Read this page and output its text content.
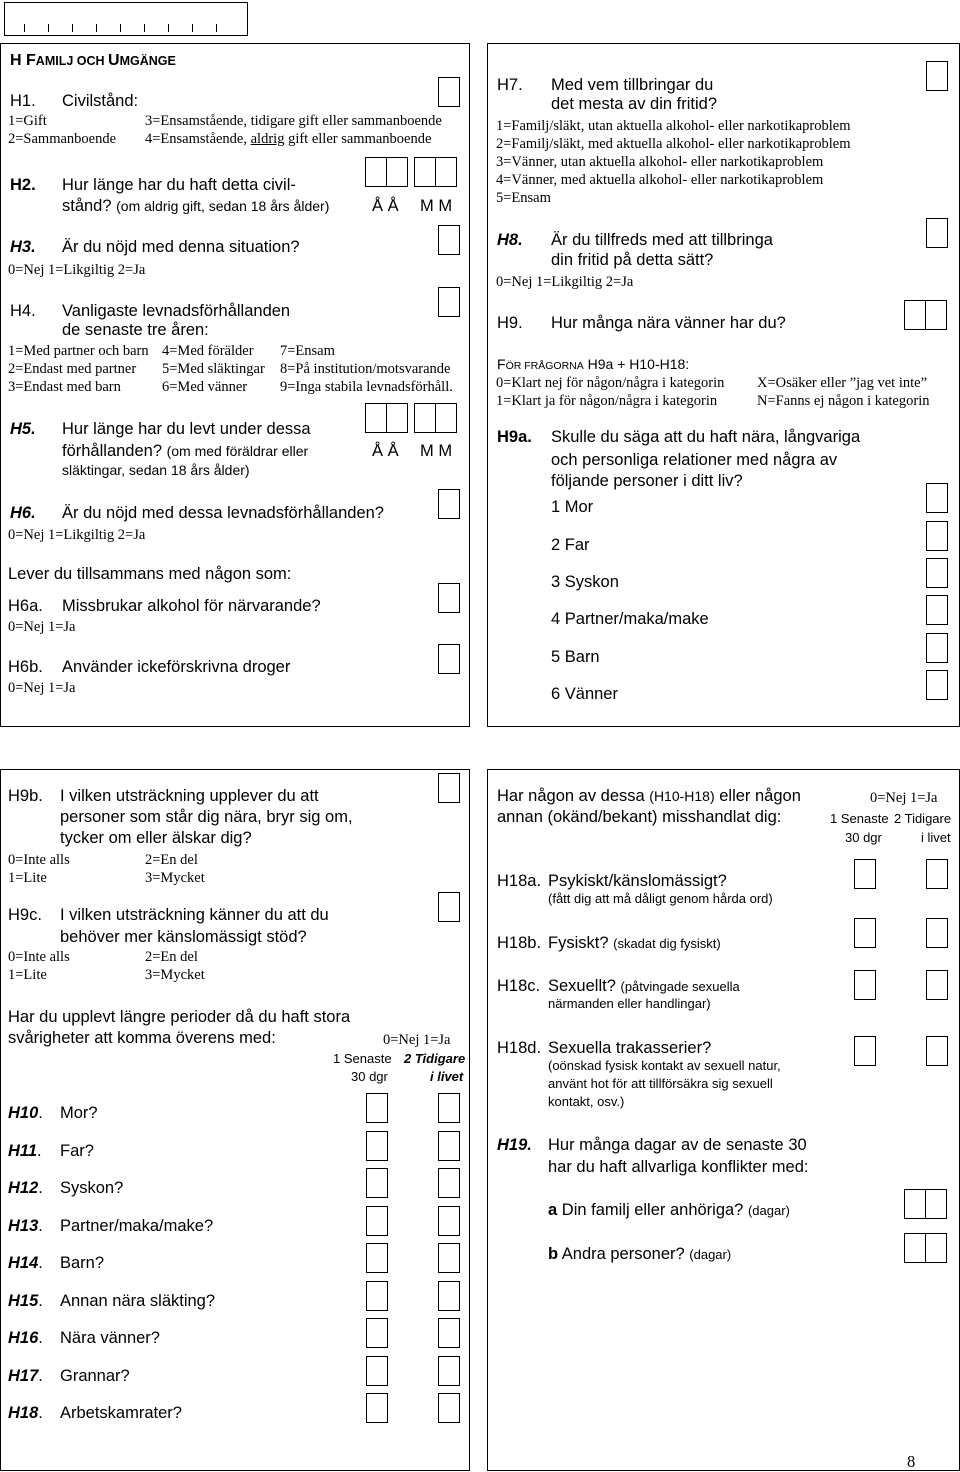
H FAMILJ OCH UMGÄNGE
H1. Civilstånd:
1=Gift	3=Ensamstående, tidigare gift eller sammanboende
2=Sammanboende 4=Ensamstående, aldrig gift eller sammanboende
H2. Hur länge har du haft detta civil-
stånd? (om aldrig gift, sedan 18 års ålder)	Å Å M M
H3. Är du nöjd med denna situation?
0=Nej 1=Likgiltig 2=Ja
H4. Vanligaste levnadsförhållanden
de senaste tre åren:
1=Med partner och barn 4=Med förälder 7=Ensam
2=Endast med partner 5=Med släktingar 8=På institution/motsvarande
3=Endast med barn	6=Med vänner 9=Inga stabila levnadsförhåll.
H5. Hur länge har du levt under dessa
förhållanden? (om med föräldrar eller
släktingar, sedan 18 års ålder)
Å Å M M
H6. Är du nöjd med dessa levnadsförhållanden?
0=Nej 1=Likgiltig 2=Ja
Lever du tillsammans med någon som:
H6a. Missbrukar alkohol för närvarande?
0=Nej 1=Ja
H6b. Använder ickeförskrivna droger
0=Nej 1=Ja
H7. Med vem tillbringar du
det mesta av din fritid?
1=Familj/släkt, utan aktuella alkohol- eller narkotikaproblem
2=Familj/släkt, med aktuella alkohol- eller narkotikaproblem
3=Vänner, utan aktuella alkohol- eller narkotikaproblem
4=Vänner, med aktuella alkohol- eller narkotikaproblem
5=Ensam
H8. Är du tillfreds med att tillbringa
din fritid på detta sätt?
0=Nej 1=Likgiltig 2=Ja
H9. Hur många nära vänner har du?
FÖR FRÅGORNA H9a + H10-H18:
0=Klart nej för någon/några i kategorin X=Osäker eller ”jag vet inte”
1=Klart ja för någon/några i kategorin	N=Fanns ej någon i kategorin
H9a. Skulle du säga att du haft nära, långvariga
och personliga relationer med några av
följande personer i ditt liv?
1 Mor
2 Far
3 Syskon
4 Partner/maka/make
5 Barn
6 Vänner
H9b. I vilken utsträckning upplever du att
personer som står dig nära, bryr sig om,
tycker om eller älskar dig?
0=Inte alls	2=En del
1=Lite	3=Mycket
H9c. I vilken utsträckning känner du att du
behöver mer känslomässigt stöd?
0=Inte alls	2=En del
1=Lite	3=Mycket
Har du upplevt längre perioder då du haft stora
svårigheter att komma överens med:	0=Nej 1=Ja
1 Senaste
30 dgr
2 Tidigare
i livet
H10. Mor?
H11. Far?
H12. Syskon?
H13. Partner/maka/make?
H14. Barn?
H15. Annan nära släkting?
H16. Nära vänner?
H17. Grannar?
H18. Arbetskamrater?
Har någon av dessa (H10-H18) eller någon	0=Nej 1=Ja
annan (okänd/bekant) misshandlat dig:	1 Senaste
30 dgr
2 Tidigare
i livet
H18a. Psykiskt/känslomässigt?
(fått dig att må dåligt genom hårda ord)
H18b. Fysiskt? (skadat dig fysiskt)
H18c. Sexuellt? (påtvingade sexuella
närmanden eller handlingar)
H18d. Sexuella trakasserier?
(oönskad fysisk kontakt av sexuell natur,
använt hot för att tillförsäkra sig sexuell
kontakt, osv.)
H19. Hur många dagar av de senaste 30
har du haft allvarliga konflikter med:
a Din familj eller anhöriga? (dagar)
b Andra personer? (dagar)
8
